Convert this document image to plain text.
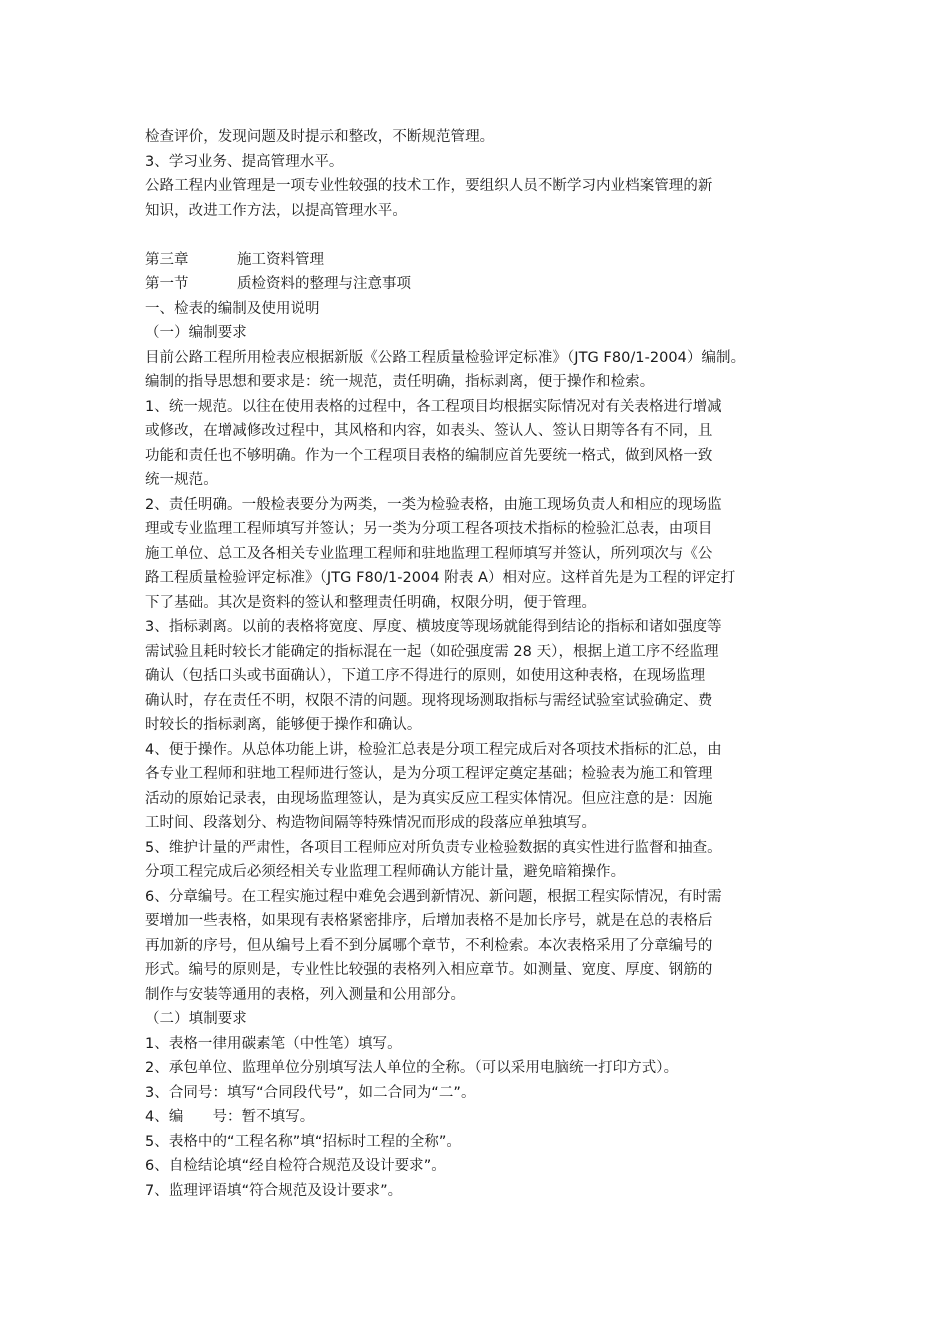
检查评价，发现问题及时提示和整改，不断规范管理。
3、学习业务、提高管理水平。
公路工程内业管理是一项专业性较强的技术工作，要组织人员不断学习内业档案管理的新
知识，改进工作方法，以提高管理水平。
第三章	施工资料管理
第一节	质检资料的整理与注意事项
一、检表的编制及使用说明
（一）编制要求
目前公路工程所用检表应根据新版《公路工程质量检验评定标准》（JTG F80/1-2004）编制。
编制的指导思想和要求是：统一规范，责任明确，指标剥离，便于操作和检索。
1、统一规范。以往在使用表格的过程中，各工程项目均根据实际情况对有关表格进行增减
或修改，在增减修改过程中，其风格和内容，如表头、签认人、签认日期等各有不同，且
功能和责任也不够明确。作为一个工程项目表格的编制应首先要统一格式，做到风格一致
统一规范。
2、责任明确。一般检表要分为两类，一类为检验表格，由施工现场负责人和相应的现场监
理或专业监理工程师填写并签认；另一类为分项工程各项技术指标的检验汇总表，由项目
施工单位、总工及各相关专业监理工程师和驻地监理工程师填写并签认，所列项次与《公
路工程质量检验评定标准》（JTG F80/1-2004 附表 A）相对应。这样首先是为工程的评定打
下了基础。其次是资料的签认和整理责任明确，权限分明，便于管理。
3、指标剥离。以前的表格将宽度、厚度、横坡度等现场就能得到结论的指标和诸如强度等
需试验且耗时较长才能确定的指标混在一起（如砼强度需 28 天），根据上道工序不经监理
确认（包括口头或书面确认），下道工序不得进行的原则，如使用这种表格，在现场监理
确认时，存在责任不明，权限不清的问题。现将现场测取指标与需经试验室试验确定、费
时较长的指标剥离，能够便于操作和确认。
4、便于操作。从总体功能上讲，检验汇总表是分项工程完成后对各项技术指标的汇总，由
各专业工程师和驻地工程师进行签认，是为分项工程评定奠定基础；检验表为施工和管理
活动的原始记录表，由现场监理签认，是为真实反应工程实体情况。但应注意的是：因施
工时间、段落划分、构造物间隔等特殊情况而形成的段落应单独填写。
5、维护计量的严肃性，各项目工程师应对所负责专业检验数据的真实性进行监督和抽查。
分项工程完成后必须经相关专业监理工程师确认方能计量，避免暗箱操作。
6、分章编号。在工程实施过程中难免会遇到新情况、新问题，根据工程实际情况，有时需
要增加一些表格，如果现有表格紧密排序，后增加表格不是加长序号，就是在总的表格后
再加新的序号，但从编号上看不到分属哪个章节，不利检索。本次表格采用了分章编号的
形式。编号的原则是，专业性比较强的表格列入相应章节。如测量、宽度、厚度、钢筋的
制作与安装等通用的表格，列入测量和公用部分。
（二）填制要求
1、表格一律用碳素笔（中性笔）填写。
2、承包单位、监理单位分别填写法人单位的全称。（可以采用电脑统一打印方式）。
3、合同号：填写“合同段代号”，如二合同为“二”。
4、编　　号：暂不填写。
5、表格中的“工程名称”填“招标时工程的全称”。
6、自检结论填“经自检符合规范及设计要求”。
7、监理评语填“符合规范及设计要求”。
